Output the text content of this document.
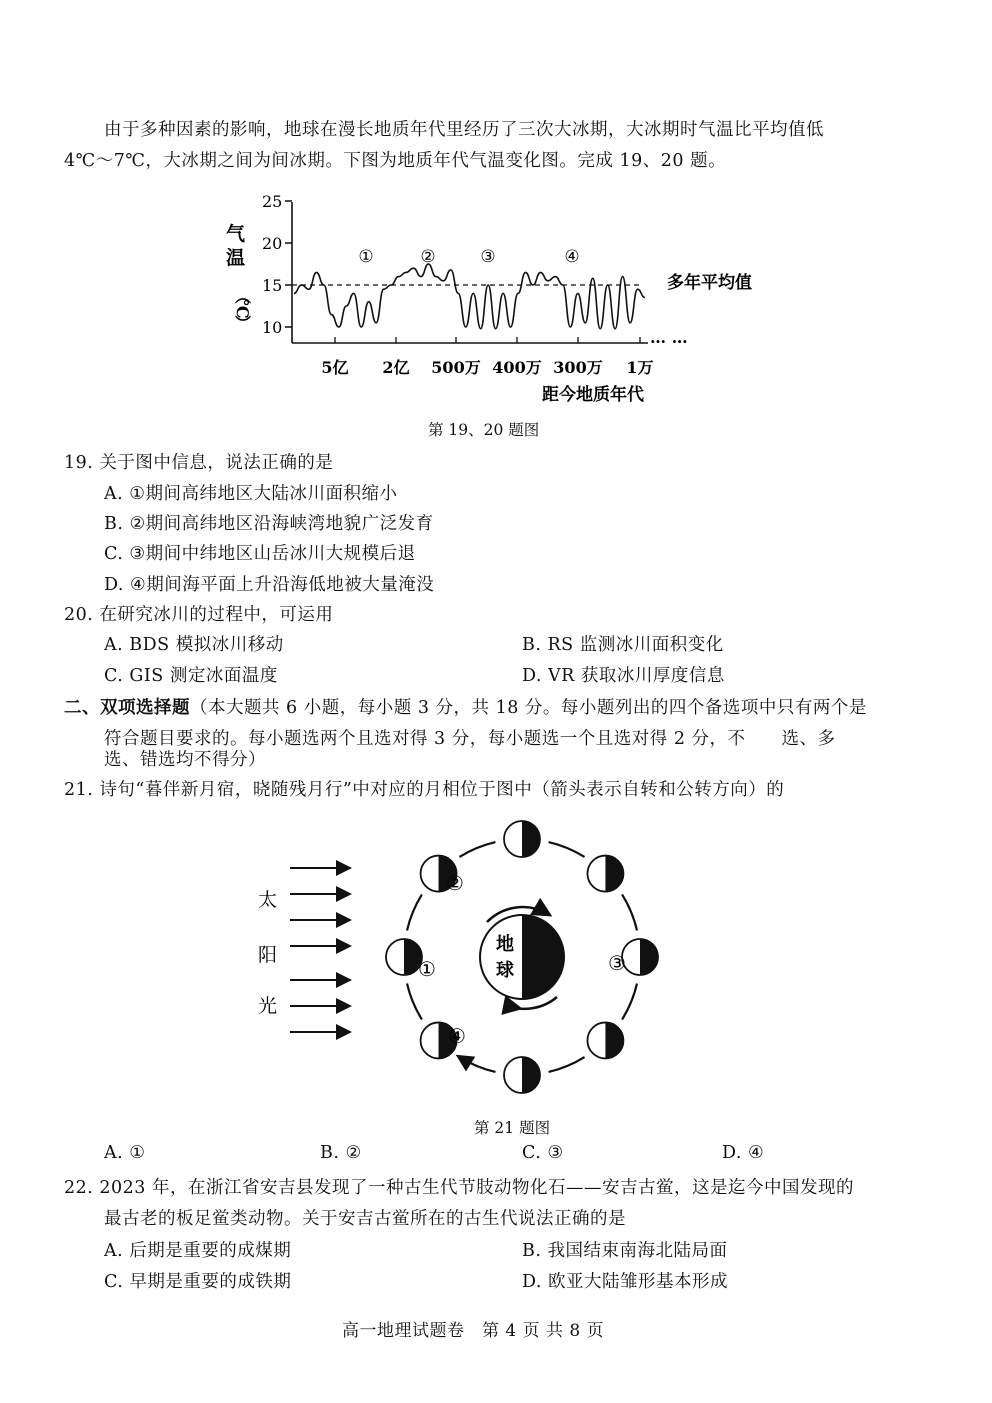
由于多种因素的影响，地球在漫长地质年代里经历了三次大冰期，大冰期时气温比平均值低
4℃～7℃，大冰期之间为间冰期。下图为地质年代气温变化图。完成 19、20 题。
25
20
15
10
气
温
（
℃
）
多年平均值
①	②	③	④
5亿 2亿 500万 400万 300万 1万
… …
距今地质年代
第 19、20 题图
19. 关于图中信息，说法正确的是
A. ①期间高纬地区大陆冰川面积缩小
B. ②期间高纬地区沿海峡湾地貌广泛发育
C. ③期间中纬地区山岳冰川大规模后退
D. ④期间海平面上升沿海低地被大量淹没
20. 在研究冰川的过程中，可运用
A. BDS 模拟冰川移动	B. RS 监测冰川面积变化
C. GIS 测定冰面温度	D. VR 获取冰川厚度信息
二、双项选择题（本大题共 6 小题，每小题 3 分，共 18 分。每小题列出的四个备选项中只有两个是
符合题目要求的。每小题选两个且选对得 3 分，每小题选一个且选对得 2 分，不　　选、多
选、错选均不得分）
21. 诗句“暮伴新月宿，晓随残月行”中对应的月相位于图中（箭头表示自转和公转方向）的
太
阳
光
地
球
①
②
③
④
第 21 题图
A. ①	B. ②	C. ③	D. ④
22. 2023 年，在浙江省安吉县发现了一种古生代节肢动物化石——安吉古鲎，这是迄今中国发现的
最古老的板足鲎类动物。关于安吉古鲎所在的古生代说法正确的是
A. 后期是重要的成煤期	B. 我国结束南海北陆局面
C. 早期是重要的成铁期	D. 欧亚大陆雏形基本形成
高一地理试题卷　第 4 页 共 8 页
